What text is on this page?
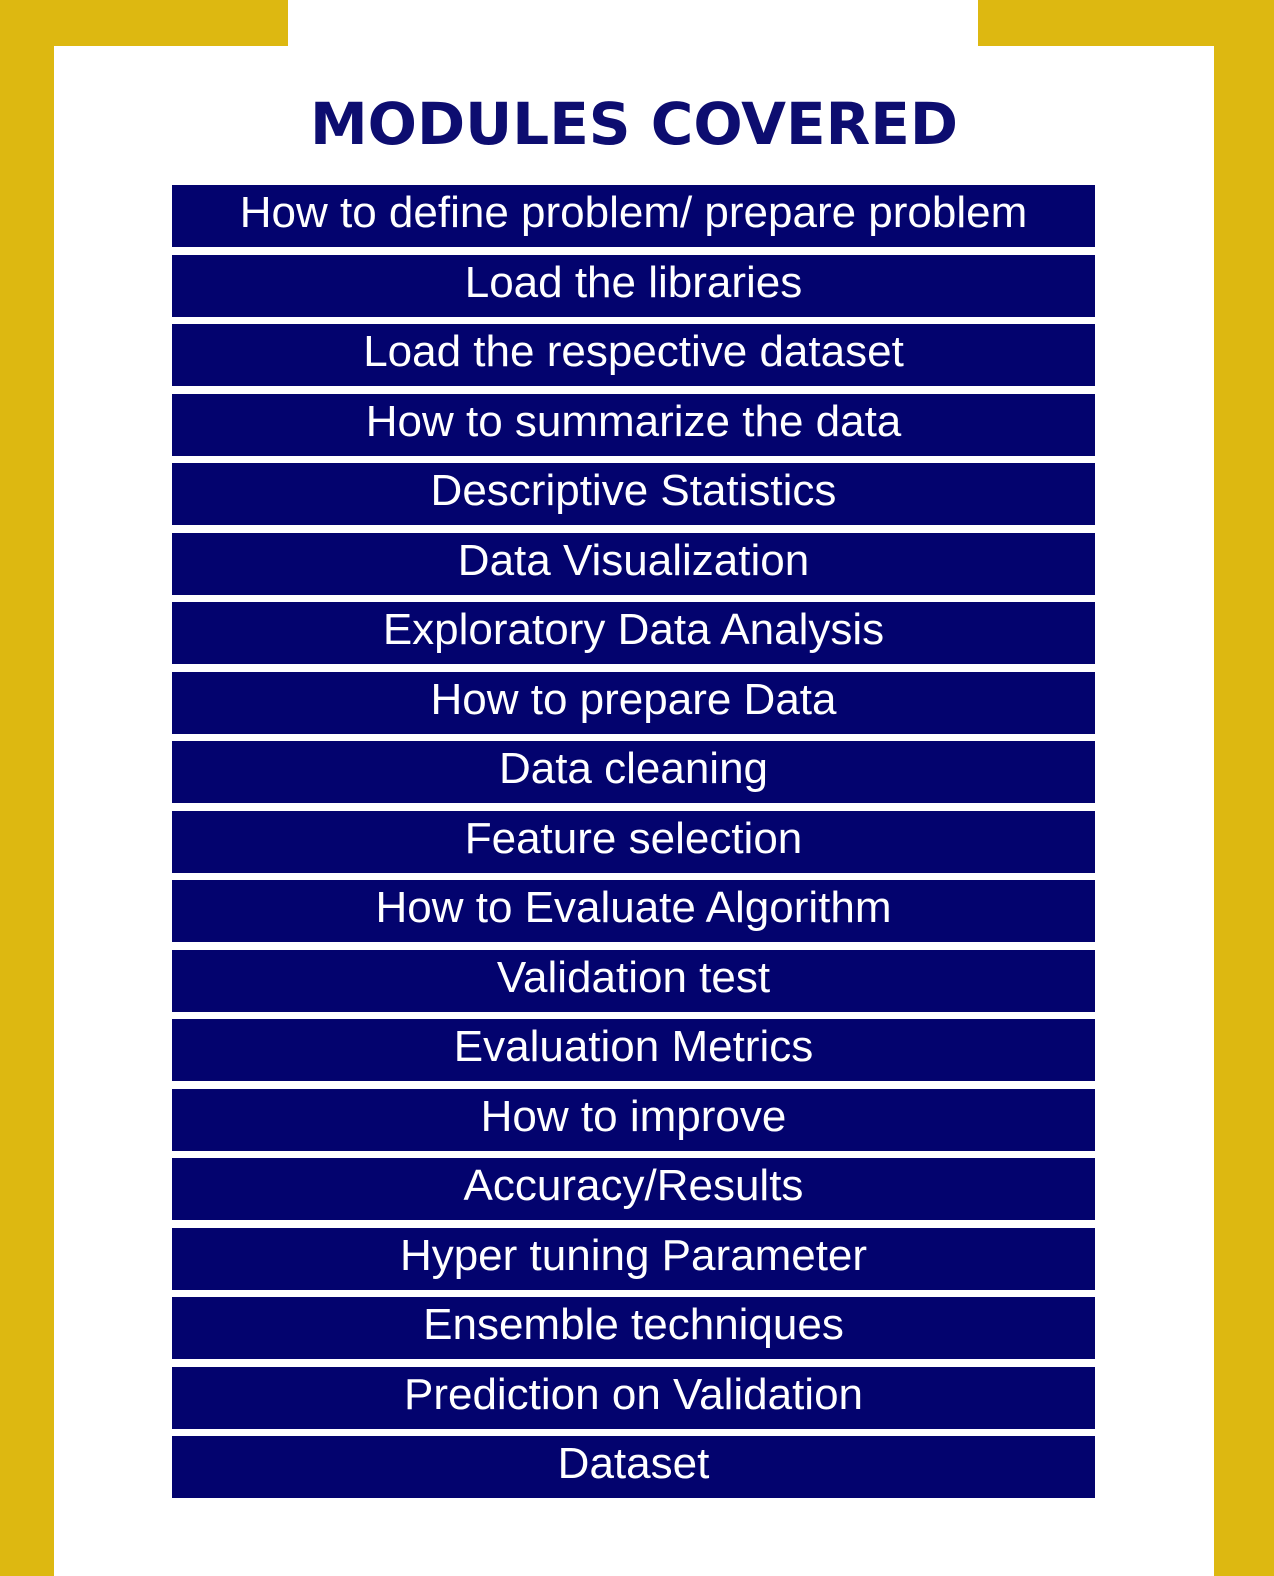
MODULES COVERED
How to define problem/ prepare problem
Load the libraries
Load the respective dataset
How to summarize the data
Descriptive Statistics
Data Visualization
Exploratory Data Analysis
How to prepare Data
Data cleaning
Feature selection
How to Evaluate Algorithm
Validation test
Evaluation Metrics
How to improve
Accuracy/Results
Hyper tuning Parameter
Ensemble techniques
Prediction on Validation
Dataset
